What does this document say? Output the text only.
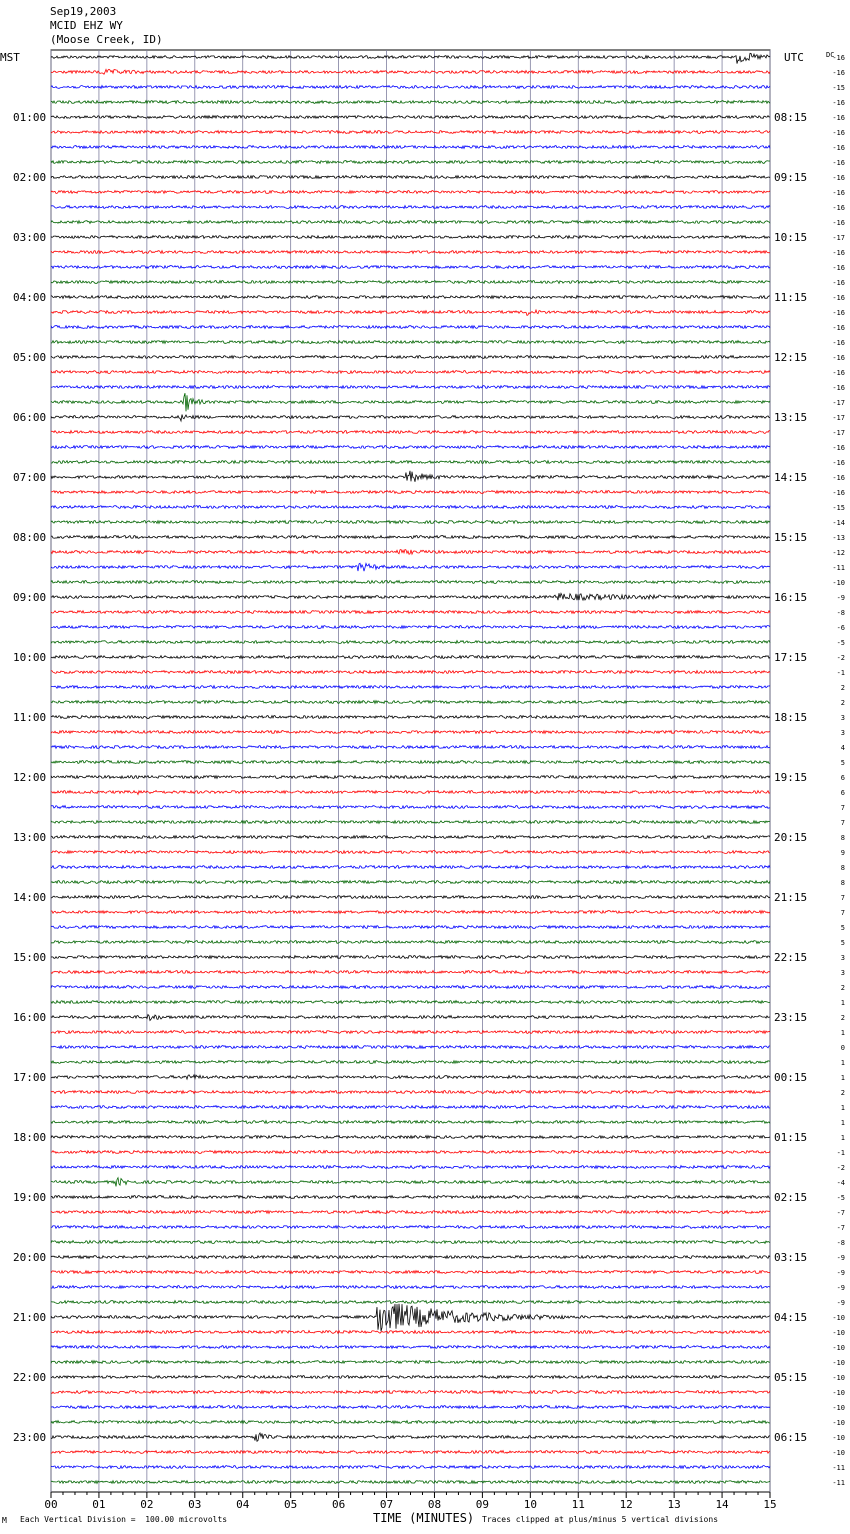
Sep19,2003
MCID EHZ WY
(Moose Creek, ID)
00	01	02	03	04	05	06	07	08	09	10	11	12	13	14	15
-16
-16
-15
-16
-16
-16
-16
-16
-16
-16
-16
-16
-17
-16
-16
-16
-16
-16
-16
-16
-16
-16
-16
-17
-17
-17
-16
-16
-16
-16
-15
-14
-13
-12
-11
-10
-9
-8
-6
-5
-2
-1
2
2
3
3
4
5
6
6
7
7
8
9
8
8
7
7
5
5
3
3
2
1
2
1
0
1
1
2
1
1
1
-1
-2
-4
-5
-7
-7
-8
-9
-9
-9
-9
-10
-10
-10
-10
-10
-10
-10
-10
-10
-10
-11
-11
01:00
02:00
03:00
04:00
05:00
06:00
07:00
08:00
09:00
10:00
11:00
12:00
13:00
14:00
15:00
16:00
17:00
18:00
19:00
20:00
21:00
22:00
23:00
08:15
09:15
10:15
11:15
12:15
13:15
14:15
15:15
16:15
17:15
18:15
19:15
20:15
21:15
22:15
23:15
00:15
01:15
02:15
03:15
04:15
05:15
06:15
MST	UTC	DC
TIME (MINUTES)
M Each Vertical Division =  100.00 microvolts	Traces clipped at plus/minus 5 vertical divisions
